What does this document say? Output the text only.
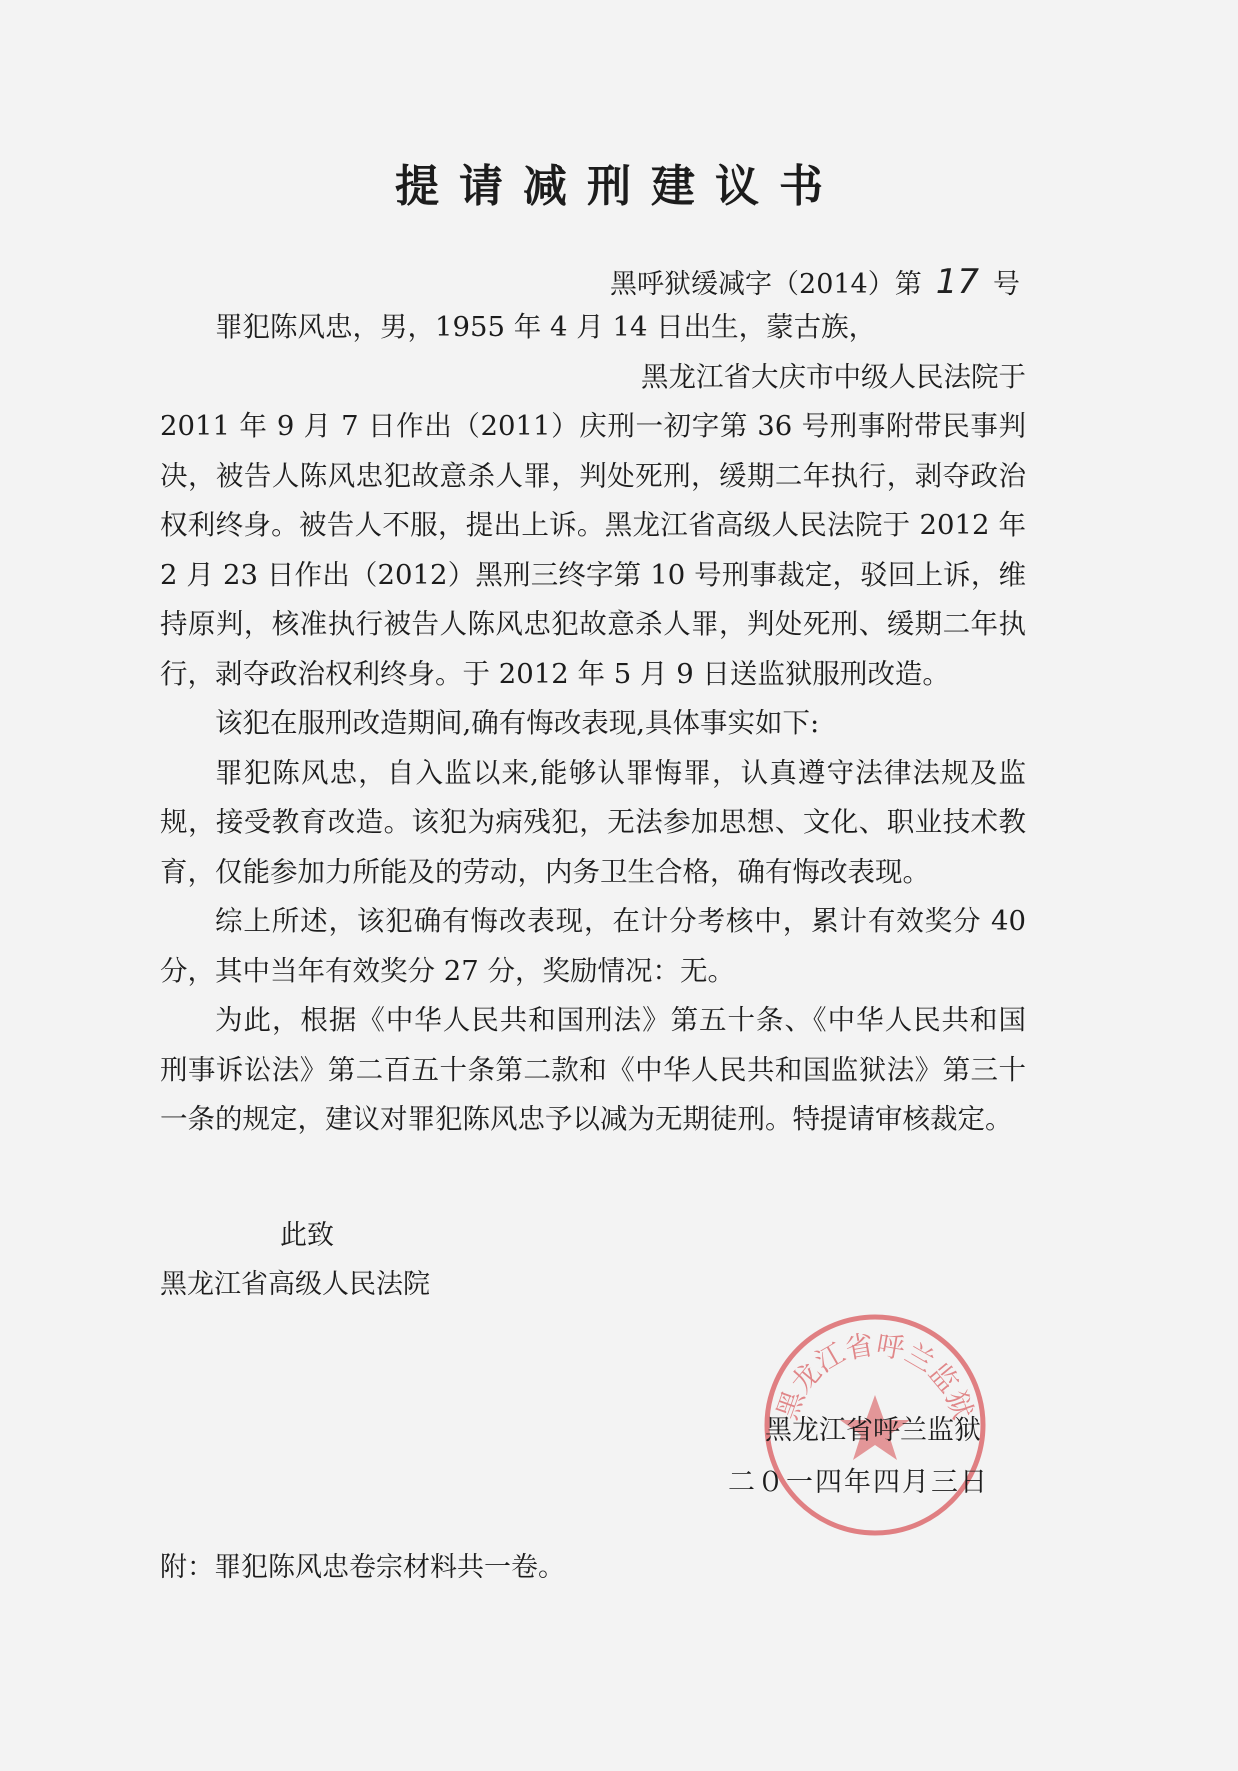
提请减刑建议书
黑呼狱缓减字（2014）第 17 号

罪犯陈风忠，男，1955 年 4 月 14 日出生，蒙古族，

黑龙江省大庆市中级人民法院于

2011 年 9 月 7 日作出（2011）庆刑一初字第 36 号刑事附带民事判决，被告人陈风忠犯故意杀人罪，判处死刑，缓期二年执行，剥夺政治权利终身。被告人不服，提出上诉。黑龙江省高级人民法院于 2012 年 2 月 23 日作出（2012）黑刑三终字第 10 号刑事裁定，驳回上诉，维持原判，核准执行被告人陈风忠犯故意杀人罪，判处死刑、缓期二年执行，剥夺政治权利终身。于 2012 年 5 月 9 日送监狱服刑改造。

该犯在服刑改造期间,确有悔改表现,具体事实如下:

罪犯陈风忠，自入监以来,能够认罪悔罪，认真遵守法律法规及监规，接受教育改造。该犯为病残犯，无法参加思想、文化、职业技术教育，仅能参加力所能及的劳动，内务卫生合格，确有悔改表现。

综上所述，该犯确有悔改表现，在计分考核中，累计有效奖分 40 分，其中当年有效奖分 27 分，奖励情况：无。

为此，根据《中华人民共和国刑法》第五十条、《中华人民共和国刑事诉讼法》第二百五十条第二款和《中华人民共和国监狱法》第三十一条的规定，建议对罪犯陈风忠予以减为无期徒刑。特提请审核裁定。

此致
黑龙江省高级人民法院
黑龙江省呼兰监狱
黑龙江省呼兰监狱
二０一四年四月三日
附：罪犯陈风忠卷宗材料共一卷。
